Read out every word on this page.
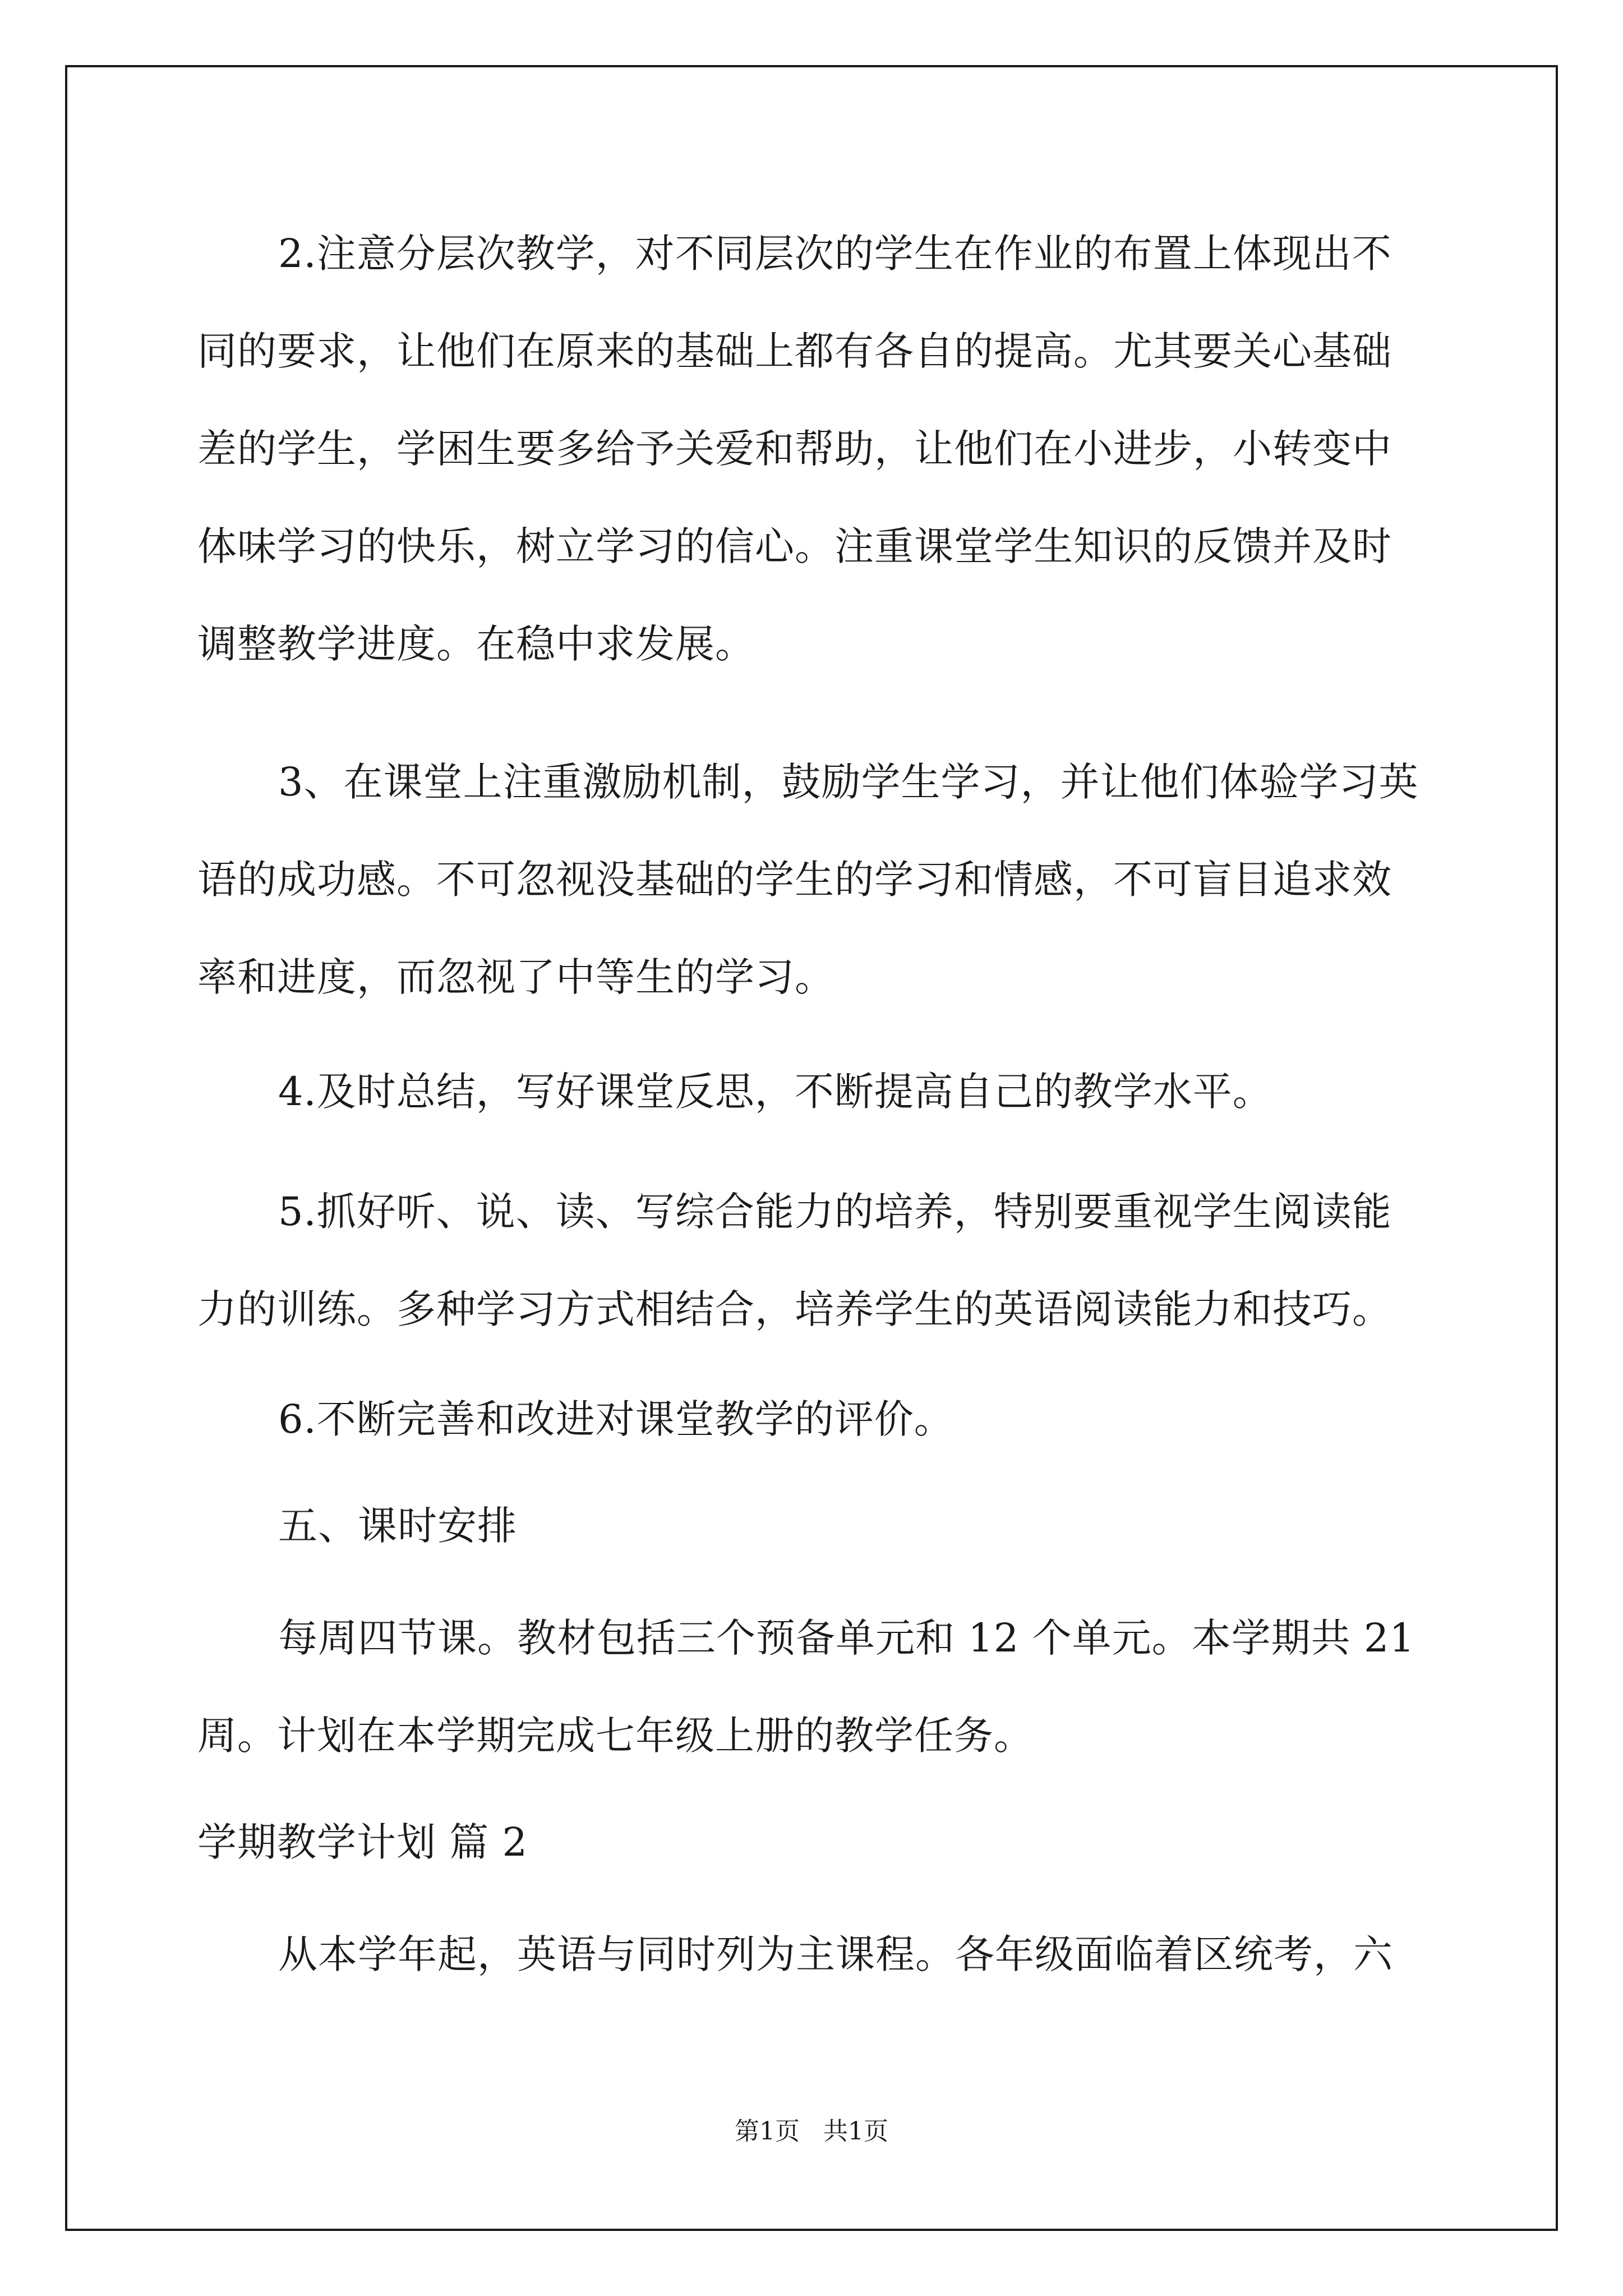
2.注意分层次教学，对不同层次的学生在作业的布置上体现出不
同的要求，让他们在原来的基础上都有各自的提高。尤其要关心基础
差的学生，学困生要多给予关爱和帮助，让他们在小进步，小转变中
体味学习的快乐，树立学习的信心。注重课堂学生知识的反馈并及时
调整教学进度。在稳中求发展。
3、在课堂上注重激励机制，鼓励学生学习，并让他们体验学习英
语的成功感。不可忽视没基础的学生的学习和情感，不可盲目追求效
率和进度，而忽视了中等生的学习。
4.及时总结，写好课堂反思，不断提高自己的教学水平。
5.抓好听、说、读、写综合能力的培养，特别要重视学生阅读能
力的训练。多种学习方式相结合，培养学生的英语阅读能力和技巧。
6.不断完善和改进对课堂教学的评价。
五、课时安排
每周四节课。教材包括三个预备单元和 12 个单元。本学期共 21
周。计划在本学期完成七年级上册的教学任务。
学期教学计划 篇 2
从本学年起，英语与同时列为主课程。各年级面临着区统考，六
第1页   共1页
